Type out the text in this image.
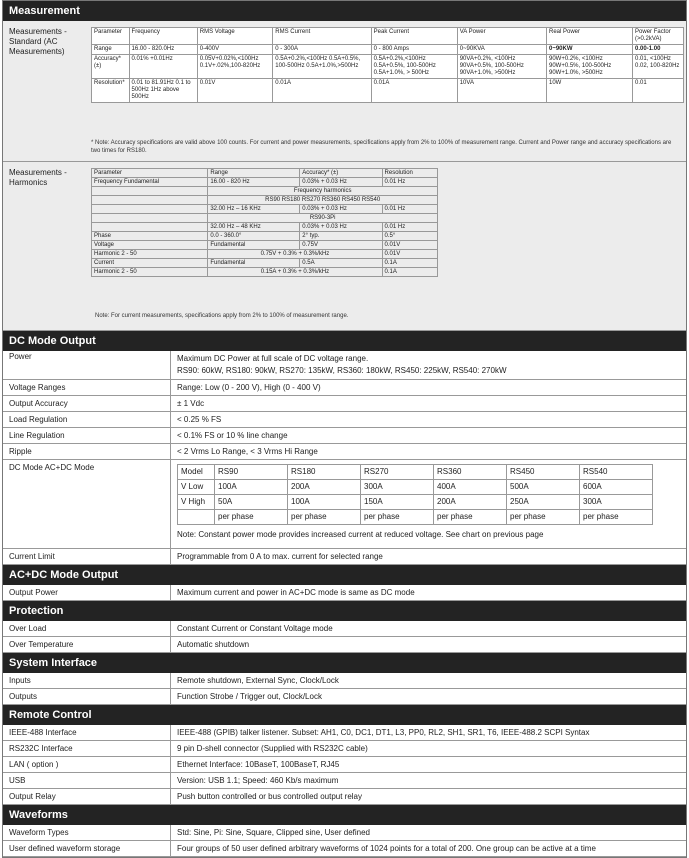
Measurement
Measurements - Standard (AC Measurements)
Parameter	Frequency	RMS Voltage	RMS Current	Peak Current	VA Power	Real Power	Power Factor (>0.2kVA)
Range	16.00 - 820.0Hz	0-400V	0 - 300A	0 - 800 Amps	0~90KVA	0~90KW	0.00-1.00
Accuracy* (±)	0.01% +0.01Hz	0.05V+0.02%,<100Hz 0.1V+.02%,100-820Hz	0.5A+0.2%,<100Hz 0.5A+0.5%, 100-500Hz 0.5A+1.0%,>500Hz	0.5A+0.2%,<100Hz 0.5A+0.5%, 100-500Hz 0.5A+1.0%, > 500Hz	90VA+0.2%, <100Hz 90VA+0.5%, 100-500Hz 90VA+1.0%, >500Hz	90W+0.2%, <100Hz 90W+0.5%, 100-500Hz 90W+1.0%, >500Hz	0.01, <100Hz 0.02, 100-820Hz
Resolution*	0.01 to 81.91Hz 0.1 to 500Hz 1Hz above 500Hz	0.01V	0.01A	0.01A	10VA	10W	0.01
* Note: Accuracy specifications are valid above 100 counts. For current and power measurements, specifications apply from 2% to 100% of measurement range. Current and Power range and accuracy specifications are two times for RS180.
Measurements - Harmonics
Parameter	Range	Accuracy* (±)	Resolution
Frequency Fundamental	16.00 - 820 Hz	0.03% + 0.03 Hz	0.01 Hz
	Frequency harmonics		
	RS90 RS180 RS270 RS360 RS450 RS540		
	32.00 Hz – 16 KHz	0.03% + 0.03 Hz	0.01 Hz
	RS90-3Pi		
	32.00 Hz – 48 KHz	0.03% + 0.03 Hz	0.01 Hz
Phase	0.0 - 360.0°	2° typ.	0.5°
Voltage	Fundamental	0.75V	0.01V
Harmonic 2 - 50	0.75V + 0.3% + 0.3%/kHz		0.01V
Current	Fundamental	0.5A	0.1A
Harmonic 2 - 50	0.15A + 0.3% + 0.3%/kHz		0.1A
Note: For current measurements, specifications apply from 2% to 100% of measurement range.
DC Mode Output
Power	Maximum DC Power at full scale of DC voltage range.
RS90: 60kW, RS180: 90kW, RS270: 135kW, RS360: 180kW, RS450: 225kW, RS540: 270kW
Voltage Ranges	Range: Low (0 - 200 V), High (0 - 400 V)
Output Accuracy	± 1 Vdc
Load Regulation	< 0.25 % FS
Line Regulation	< 0.1% FS or 10 % line change
Ripple	< 2 Vrms Lo Range, < 3 Vrms Hi Range
DC Mode AC+DC Mode	Model	RS90	RS180	RS270	RS360	RS450	RS540
V Low	100A	200A	300A	400A	500A	600A
V High	50A	100A	150A	200A	250A	300A
	per phase	per phase	per phase	per phase	per phase	per phase
Note: Constant power mode provides increased current at reduced voltage. See chart on previous page
Current Limit	Programmable from 0 A to max. current for selected range
AC+DC Mode Output
Output Power	Maximum current and power in AC+DC mode is same as DC mode
Protection
Over Load	Constant Current or Constant Voltage mode
Over Temperature	Automatic shutdown
System Interface
Inputs	Remote shutdown, External Sync, Clock/Lock
Outputs	Function Strobe / Trigger out, Clock/Lock
Remote Control
IEEE-488 Interface	IEEE-488 (GPIB) talker listener. Subset: AH1, C0, DC1, DT1, L3, PP0, RL2, SH1, SR1, T6, IEEE-488.2 SCPI Syntax
RS232C Interface	9 pin D-shell connector (Supplied with RS232C cable)
LAN ( option )	Ethernet Interface: 10BaseT, 100BaseT, RJ45
USB	Version: USB 1.1; Speed: 460 Kb/s maximum
Output Relay	Push button controlled or bus controlled output relay
Waveforms
Waveform Types	Std: Sine, Pi: Sine, Square, Clipped sine, User defined
User defined waveform storage	Four groups of 50 user defined arbitrary waveforms of 1024 points for a total of 200. One group can be active at a time
